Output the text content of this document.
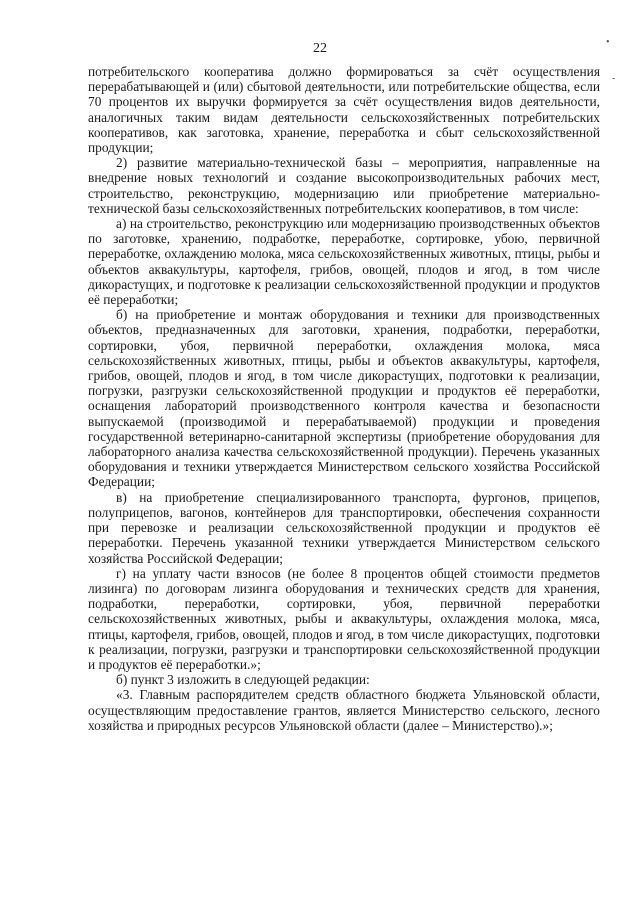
22	•
-

потребительского кооператива должно формироваться за счёт осуществления перерабатывающей и (или) сбытовой деятельности, или потребительские общества, если 70 процентов их выручки формируется за счёт осуществления видов деятельности, аналогичных таким видам деятельности сельскохозяйственных потребительских кооперативов, как заготовка, хранение, переработка и сбыт сельскохозяйственной продукции;

2) развитие материально-технической базы – мероприятия, направленные на внедрение новых технологий и создание высокопроизводительных рабочих мест, строительство, реконструкцию, модернизацию или приобретение материально-технической базы сельскохозяйственных потребительских кооперативов, в том числе:

а) на строительство, реконструкцию или модернизацию производственных объектов по заготовке, хранению, подработке, переработке, сортировке, убою, первичной переработке, охлаждению молока, мяса сельскохозяйственных животных, птицы, рыбы и объектов аквакультуры, картофеля, грибов, овощей, плодов и ягод, в том числе дикорастущих, и подготовке к реализации сельскохозяйственной продукции и продуктов её переработки;

б) на приобретение и монтаж оборудования и техники для производственных объектов, предназначенных для заготовки, хранения, подработки, переработки, сортировки, убоя, первичной переработки, охлаждения молока, мяса сельскохозяйственных животных, птицы, рыбы и объектов аквакультуры, картофеля, грибов, овощей, плодов и ягод, в том числе дикорастущих, подготовки к реализации, погрузки, разгрузки сельскохозяйственной продукции и продуктов её переработки, оснащения лабораторий производственного контроля качества и безопасности выпускаемой (производимой и перерабатываемой) продукции и проведения государственной ветеринарно-санитарной экспертизы (приобретение оборудования для лабораторного анализа качества сельскохозяйственной продукции). Перечень указанных оборудования и техники утверждается Министерством сельского хозяйства Российской Федерации;

в) на приобретение специализированного транспорта, фургонов, прицепов, полуприцепов, вагонов, контейнеров для транспортировки, обеспечения сохранности при перевозке и реализации сельскохозяйственной продукции и продуктов её переработки. Перечень указанной техники утверждается Министерством сельского хозяйства Российской Федерации;

г) на уплату части взносов (не более 8 процентов общей стоимости предметов лизинга) по договорам лизинга оборудования и технических средств для хранения, подработки, переработки, сортировки, убоя, первичной переработки сельскохозяйственных животных, рыбы и аквакультуры, охлаждения молока, мяса, птицы, картофеля, грибов, овощей, плодов и ягод, в том числе дикорастущих, подготовки к реализации, погрузки, разгрузки и транспортировки сельскохозяйственной продукции и продуктов её переработки.»;

б) пункт 3 изложить в следующей редакции:

«3. Главным распорядителем средств областного бюджета Ульяновской области, осуществляющим предоставление грантов, является Министерство сельского, лесного хозяйства и природных ресурсов Ульяновской области (далее – Министерство).»;
